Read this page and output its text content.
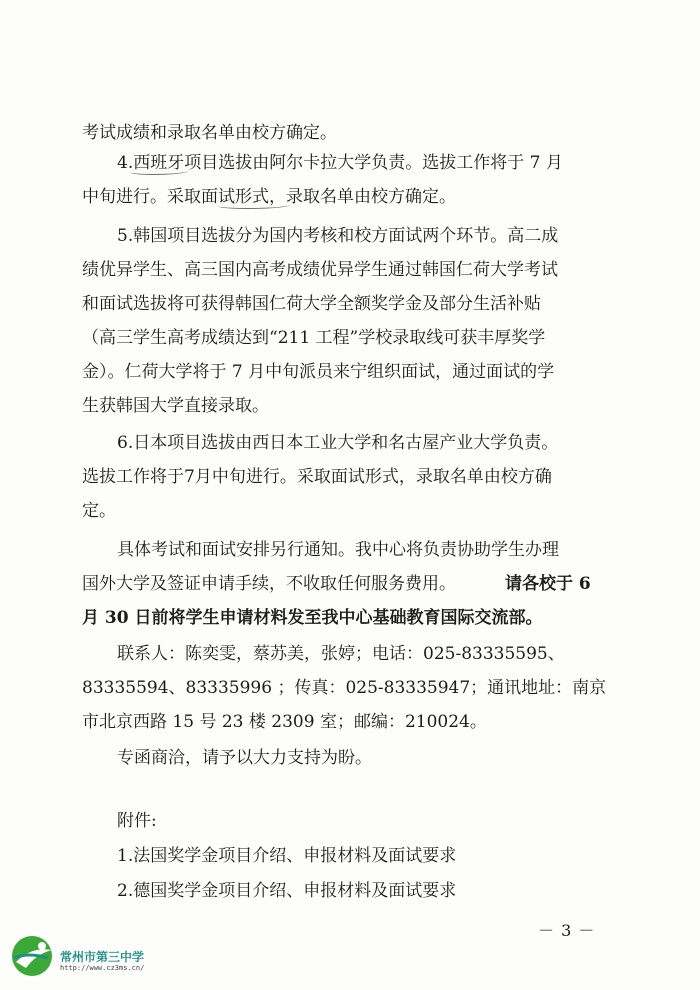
考试成绩和录取名单由校方确定。
4.西班牙项目选拔由阿尔卡拉大学负责。选拔工作将于 7 月
中旬进行。采取面试形式，录取名单由校方确定。
5.韩国项目选拔分为国内考核和校方面试两个环节。高二成
绩优异学生、高三国内高考成绩优异学生通过韩国仁荷大学考试
和面试选拔将可获得韩国仁荷大学全额奖学金及部分生活补贴
（高三学生高考成绩达到“211 工程”学校录取线可获丰厚奖学
金）。仁荷大学将于 7 月中旬派员来宁组织面试，通过面试的学
生获韩国大学直接录取。
6.日本项目选拔由西日本工业大学和名古屋产业大学负责。
选拔工作将于7月中旬进行。采取面试形式，录取名单由校方确
定。
具体考试和面试安排另行通知。我中心将负责协助学生办理
国外大学及签证申请手续，不收取任何服务费用。	请各校于 6
月 30 日前将学生申请材料发至我中心基础教育国际交流部。
联系人：陈奕雯，蔡苏美，张婷；电话：025-83335595、
83335594、83335996 ；传真：025-83335947；通讯地址：南京
市北京西路 15 号 23 楼 2309 室；邮编：210024。
专函商洽，请予以大力支持为盼。
附件:
1.法国奖学金项目介绍、申报材料及面试要求
2.德国奖学金项目介绍、申报材料及面试要求
－ 3 －
常州市第三中学
http://www.cz3ms.cn/
